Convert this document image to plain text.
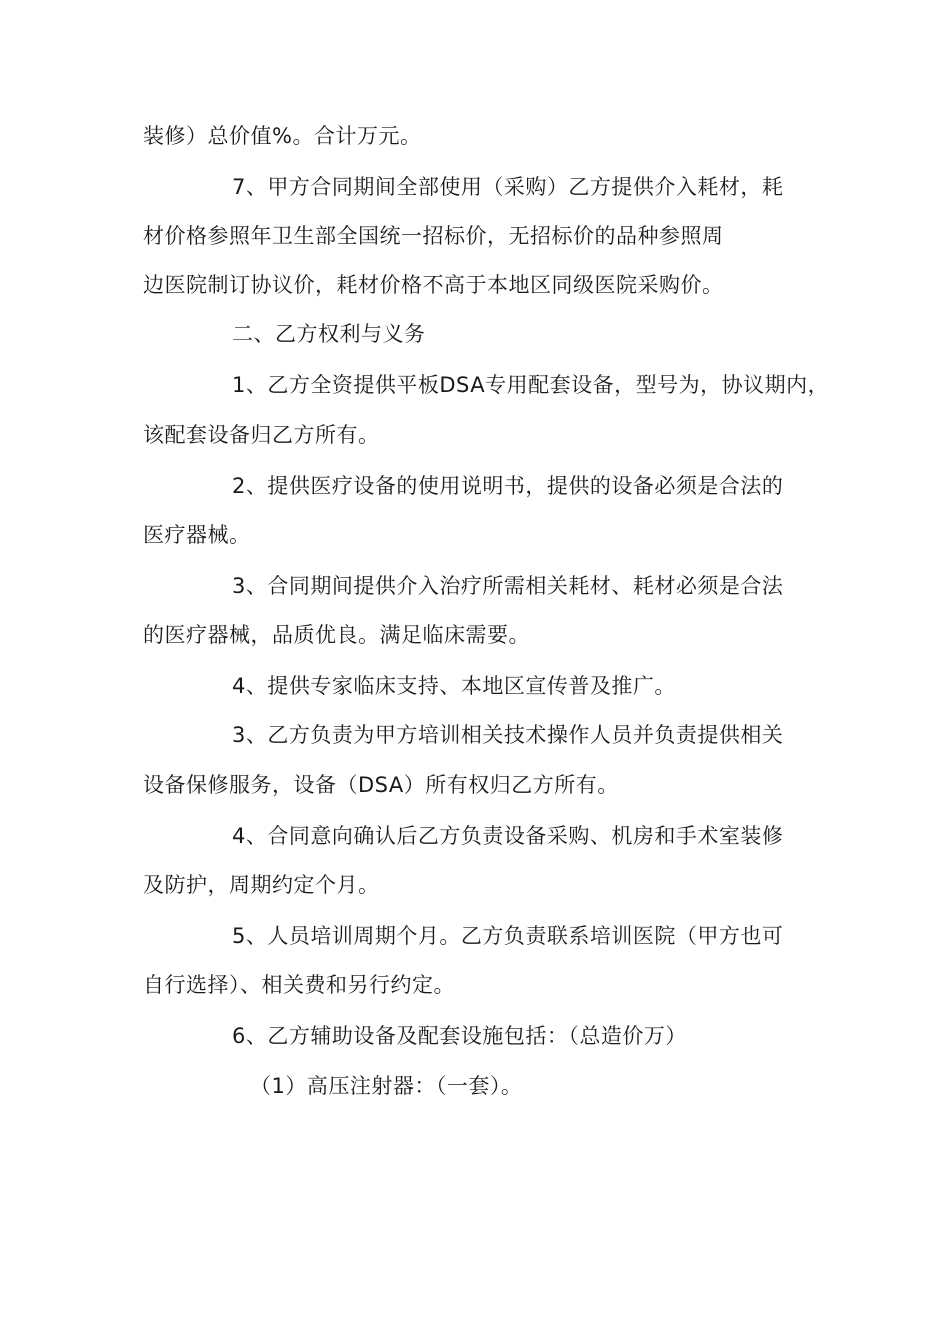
装修）总价值%。合计万元。
7、甲方合同期间全部使用（采购）乙方提供介入耗材，耗
材价格参照年卫生部全国统一招标价，无招标价的品种参照周
边医院制订协议价，耗材价格不高于本地区同级医院采购价。
二、乙方权利与义务
1、乙方全资提供平板DSA专用配套设备，型号为，协议期内，
该配套设备归乙方所有。
2、提供医疗设备的使用说明书，提供的设备必须是合法的
医疗器械。
3、合同期间提供介入治疗所需相关耗材、耗材必须是合法
的医疗器械，品质优良。满足临床需要。
4、提供专家临床支持、本地区宣传普及推广。
3、乙方负责为甲方培训相关技术操作人员并负责提供相关
设备保修服务，设备（DSA）所有权归乙方所有。
4、合同意向确认后乙方负责设备采购、机房和手术室装修
及防护，周期约定个月。
5、人员培训周期个月。乙方负责联系培训医院（甲方也可
自行选择）、相关费和另行约定。
6、乙方辅助设备及配套设施包括：（总造价万）
（1）高压注射器：（一套）。
